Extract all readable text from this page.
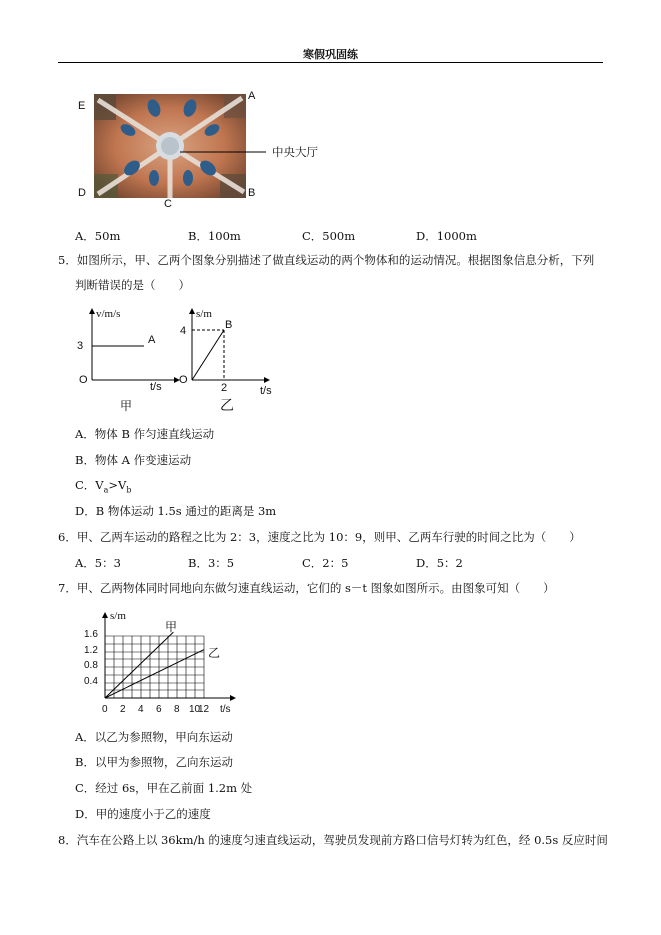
寒假巩固练
E
A
D	B
C
中央大厅
A．50m	B．100m	C．500m	D．1000m
5．如图所示，甲、乙两个图象分别描述了做直线运动的两个物体和的运动情况。根据图象信息分析，下列
判断错误的是（　　）
v/m/s
3	A
O
t/s
甲
s/m
4	B
O
2	t/s
乙
A．物体 B 作匀速直线运动
B．物体 A 作变速运动
C．$V_a>V_b$
D．B 物体运动 1.5s 通过的距离是 3m
6．甲、乙两车运动的路程之比为 2：3，速度之比为 10：9，则甲、乙两车行驶的时间之比为（　　）
A．5：3	B．3：5	C．2：5	D．5：2
7．甲、乙两物体同时同地向东做匀速直线运动，它们的 s－t 图象如图所示。由图象可知（　　）
s/m
1.6
1.2
0.8
0.4
0 2 4 6 8 10
12 t/s
甲
乙
A．以乙为参照物，甲向东运动
B．以甲为参照物，乙向东运动
C．经过 6s，甲在乙前面 1.2m 处
D．甲的速度小于乙的速度
8．汽车在公路上以 36km/h 的速度匀速直线运动，驾驶员发现前方路口信号灯转为红色，经 0.5s 反应时间
